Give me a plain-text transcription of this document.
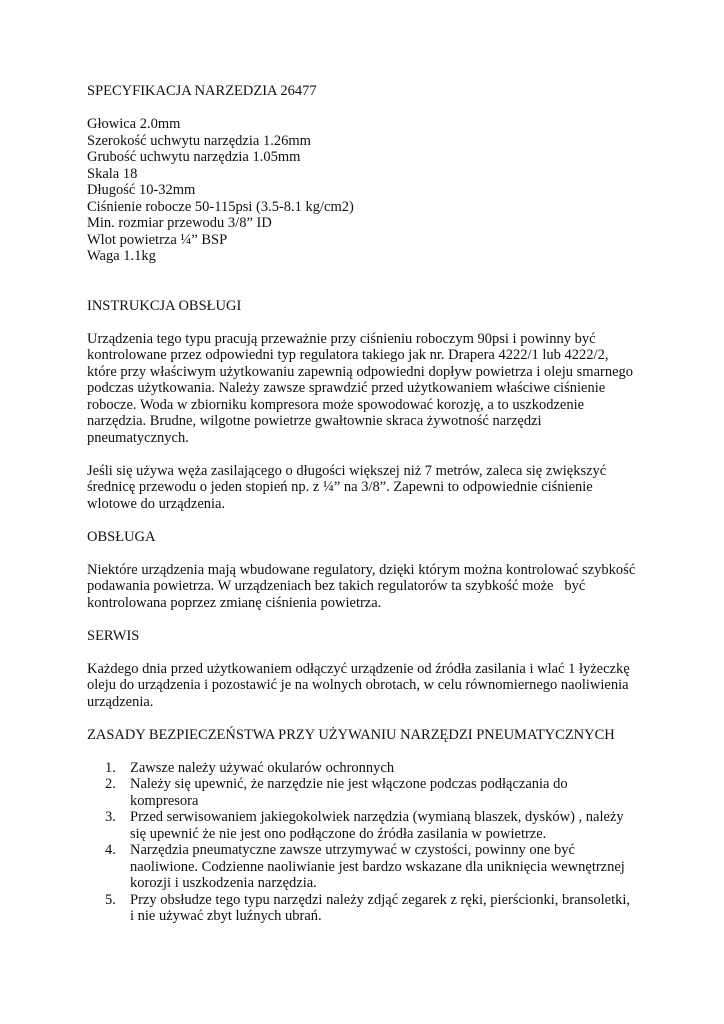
SPECYFIKACJA NARZEDZIA 26477
Głowica 2.0mm
Szerokość uchwytu narzędzia 1.26mm
Grubość uchwytu narzędzia 1.05mm
Skala 18
Długość 10-32mm
Ciśnienie robocze 50-115psi (3.5-8.1 kg/cm2)
Min. rozmiar przewodu 3/8” ID
Wlot powietrza ¼” BSP
Waga 1.1kg
INSTRUKCJA OBSŁUGI
Urządzenia tego typu pracują przeważnie przy ciśnieniu roboczym 90psi i powinny być
kontrolowane przez odpowiedni typ regulatora takiego jak nr. Drapera 4222/1 lub 4222/2,
które przy właściwym użytkowaniu zapewnią odpowiedni dopływ powietrza i oleju smarnego
podczas użytkowania. Należy zawsze sprawdzić przed użytkowaniem właściwe ciśnienie
robocze. Woda w zbiorniku kompresora może spowodować korozję, a to uszkodzenie
narzędzia. Brudne, wilgotne powietrze gwałtownie skraca żywotność narzędzi
pneumatycznych.
Jeśli się używa węża zasilającego o długości większej niż 7 metrów, zaleca się zwiększyć
średnicę przewodu o jeden stopień np. z ¼” na 3/8”. Zapewni to odpowiednie ciśnienie
wlotowe do urządzenia.
OBSŁUGA
Niektóre urządzenia mają wbudowane regulatory, dzięki którym można kontrolować szybkość
podawania powietrza. W urządzeniach bez takich regulatorów ta szybkość może   być
kontrolowana poprzez zmianę ciśnienia powietrza.
SERWIS
Każdego dnia przed użytkowaniem odłączyć urządzenie od źródła zasilania i wlać 1 łyżeczkę
oleju do urządzenia i pozostawić je na wolnych obrotach, w celu równomiernego naoliwienia
urządzenia.
ZASADY BEZPIECZEŃSTWA PRZY UŻYWANIU NARZĘDZI PNEUMATYCZNYCH
1. Zawsze należy używać okularów ochronnych
2. Należy się upewnić, że narzędzie nie jest włączone podczas podłączania do
kompresora
3. Przed serwisowaniem jakiegokolwiek narzędzia (wymianą blaszek, dysków) , należy
się upewnić że nie jest ono podłączone do źródła zasilania w powietrze.
4. Narzędzia pneumatyczne zawsze utrzymywać w czystości, powinny one być
naoliwione. Codzienne naoliwianie jest bardzo wskazane dla uniknięcia wewnętrznej
korozji i uszkodzenia narzędzia.
5. Przy obsłudze tego typu narzędzi należy zdjąć zegarek z ręki, pierścionki, bransoletki,
i nie używać zbyt luźnych ubrań.
